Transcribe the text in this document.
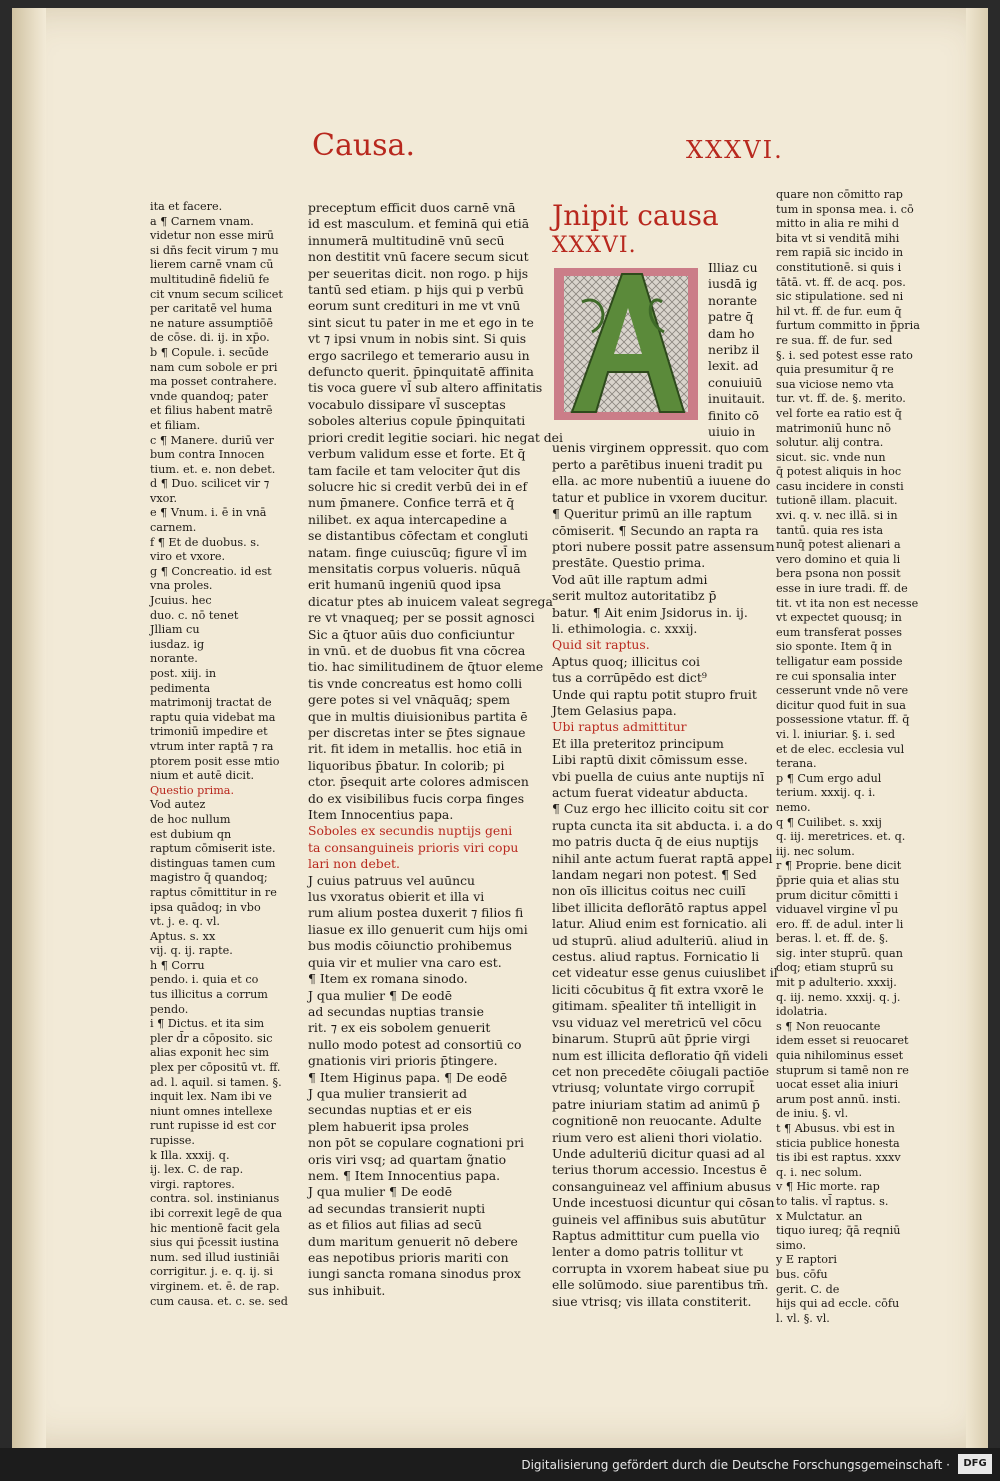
Causa.	XXXVI.

ita et facere.

a ¶ Carnem vnam.

videtur non esse mirū

si dn̄s fecit virum ⁊ mu

lierem carnē vnam cū

multitudinē fideliū fe

cit vnum secum scilicet

per caritatē vel huma

ne nature assumptiōē

de cōse. di. ij. in xp̄o.

b ¶ Copule. i. secūde

nam cum sobole er pri

ma posset contrahere.

vnde quandoq; pater

et filius habent matrē

et filiam.

c ¶ Manere. duriū ver

bum contra Innocen

tium. et. e. non debet.

d ¶ Duo. scilicet vir ⁊

vxor.

e ¶ Vnum. i. ē in vnā

carnem.

f ¶ Et de duobus. s.

viro et vxore.

g ¶ Concreatio. id est

vna proles.

Jcuius. hec

duo. c. nō tenet

Jlliam cu

iusdaz. ig

norante.

post. xiij. in

pedimenta

matrimonij tractat de

raptu quia videbat ma

trimoniū impedire et

vtrum inter raptā ⁊ ra

ptorem posit esse mtio

nium et autē dicit.

Questio prima.

Vod autez

de hoc nullum

est dubium qn

raptum cōmiserit iste.

distinguas tamen cum

magistro q̄ quandoq;

raptus cōmittitur in re

ipsa quādoq; in vbo

vt. j. e. q. vl.

Aptus. s. xx

vij. q. ij. rapte.

h ¶ Corru

pendo. i. quia et co

tus illicitus a corrum

pendo.

i ¶ Dictus. et ita sim

pler d̄r a cōposito. sic

alias exponit hec sim

plex per cōpositū vt. ff.

ad. l. aquil. si tamen. §.

inquit lex. Nam ibi ve

niunt omnes intellexe

runt rupisse id est cor

rupisse.

k Illa. xxxij. q.

ij. lex. C. de rap.

virgi. raptores.

contra. sol. instinianus

ibi correxit legē de qua

hic mentionē facit gela

sius qui p̄cessit iustina

num. sed illud iustiniāi

corrigitur. j. e. q. ij. si

virginem. et. ē. de rap.

cum causa. et. c. se. sed

preceptum efficit duos carnē vnā

id est masculum. et feminā qui etiā

innumerā multitudinē vnū secū

non destitit vnū facere secum sicut

per seueritas dicit. non rogo. p hijs

tantū sed etiam. p hijs qui p verbū

eorum sunt credituri in me vt vnū

sint sicut tu pater in me et ego in te

vt ⁊ ipsi vnum in nobis sint. Si quis

ergo sacrilego et temerario ausu in

defuncto querit. p̄pinquitatē affinita

tis voca guere vl̄ sub altero affinitatis

vocabulo dissipare vl̄ susceptas

soboles alterius copule p̄pinquitati

priori credit legitie sociari. hic negat dei

verbum validum esse et forte. Et q̄

tam facile et tam velociter q̄ut dis

solucre hic si credit verbū dei in ef

num p̄manere. Confice terrā et q̄

nilibet. ex aqua intercapedine a

se distantibus cōfectam et congluti

natam. finge cuiuscūq; figure vl̄ im

mensitatis corpus volueris. nūquā

erit humanū ingeniū quod ipsa

dicatur ptes ab inuicem valeat segrega

re vt vnaqueq; per se possit agnosci

Sic a q̄tuor aūis duo conficiuntur

in vnū. et de duobus fit vna cōcrea

tio. hac similitudinem de q̄tuor eleme

tis vnde concreatus est homo colli

gere potes si vel vnāquāq; spem

que in multis diuisionibus partita ē

per discretas inter se p̄tes signaue

rit. fit idem in metallis. hoc etiā in

liquoribus p̄batur. In colorib; pi

ctor. p̄sequit arte colores admiscen

do ex visibilibus fucis corpa finges

Item Innocentius papa.

Soboles ex secundis nuptijs geni

ta consanguineis prioris viri copu

lari non debet.

J cuius patruus vel auūncu

lus vxoratus obierit et illa vi

rum alium postea duxerit ⁊ filios fi

liasue ex illo genuerit cum hijs omi

bus modis cōiunctio prohibemus

quia vir et mulier vna caro est.

¶ Item ex romana sinodo.

J qua mulier ¶ De eodē

ad secundas nuptias transie

rit. ⁊ ex eis sobolem genuerit

nullo modo potest ad consortiū co

gnationis viri prioris p̄tingere.

¶ Item Higinus papa. ¶ De eodē

J qua mulier transierit ad

secundas nuptias et er eis

plem habuerit ipsa proles

non pōt se copulare cognationi pri

oris viri vsq; ad quartam g̃natio

nem. ¶ Item Innocentius papa.

J qua mulier ¶ De eodē

ad secundas transierit nupti

as et filios aut filias ad secū

dum maritum genuerit nō debere

eas nepotibus prioris mariti con

iungi sancta romana sinodus prox

sus inhibuit.

Jnipit causa

XXXVI.

Illiaz cu

iusdā ig

norante

patre q̄

dam ho

neribz il

lexit. ad

conuiuiū

inuitauit.

finito cō

uiuio in

uenis virginem oppressit. quo com

perto a parētibus inueni tradit pu

ella. ac more nubentiū a iuuene do

tatur et publice in vxorem ducitur.

¶ Queritur primū an ille raptum

cōmiserit. ¶ Secundo an rapta ra

ptori nubere possit patre assensum

prestāte. Questio prima.

Vod aūt ille raptum admi

serit multoz autoritatibz p̄

batur. ¶ Ait enim Jsidorus in. ij.

li. ethimologia. c. xxxij.

Quid sit raptus.

Aptus quoq; illicitus coi

tus a corrūpēdo est dict⁹

Unde qui raptu potit stupro fruit

Jtem Gelasius papa.

Ubi raptus admittitur

Et illa preteritoz principum

Libi raptū dixit cōmissum esse.

vbi puella de cuius ante nuptijs nī

actum fuerat videatur abducta.

¶ Cuz ergo hec illicito coitu sit cor

rupta cuncta ita sit abducta. i. a do

mo patris ducta q̄ de eius nuptijs

nihil ante actum fuerat raptā appel

landam negari non potest. ¶ Sed

non oīs illicitus coitus nec cuilī

libet illicita deflorātō raptus appel

latur. Aliud enim est fornicatio. ali

ud stuprū. aliud adulteriū. aliud in

cestus. aliud raptus. Fornicatio li

cet videatur esse genus cuiuslibet il

liciti cōcubitus q̄ fit extra vxorē le

gitimam. sp̄ealiter tñ intelligit in

vsu viduaz vel meretricū vel cōcu

binarum. Stuprū aūt p̄prie virgi

num est illicita defloratio q̄ñ videli

cet non precedēte cōiugali pactiōe

vtriusq; voluntate virgo corrupit̄

patre iniuriam statim ad animū p̄

cognitionē non reuocante. Adulte

rium vero est alieni thori violatio.

Unde adulteriū dicitur quasi ad al

terius thorum accessio. Incestus ē

consanguineaz vel affinium abusus

Unde incestuosi dicuntur qui cōsan

guineis vel affinibus suis abutūtur

Raptus admittitur cum puella vio

lenter a domo patris tollitur vt

corrupta in vxorem habeat siue pu

elle solūmodo. siue parentibus tm̄.

siue vtrisq; vis illata constiterit.

quare non cōmitto rap

tum in sponsa mea. i. cō

mitto in alia re mihi d

bita vt si venditā mihi

rem rapiā sic incido in

constitutionē. si quis i

tātā. vt. ff. de acq. pos.

sic stipulatione. sed ni

hil vt. ff. de fur. eum q̄

furtum committo in p̄pria

re sua. ff. de fur. sed

§. i. sed potest esse rato

quia presumitur q̄ re

sua viciose nemo vta

tur. vt. ff. de. §. merito.

vel forte ea ratio est q̄

matrimoniū hunc nō

solutur. alij contra.

sicut. sic. vnde nun

q̄ potest aliquis in hoc

casu incidere in consti

tutionē illam. placuit.

xvi. q. v. nec illā. si in

tantū. quia res ista

nunq̄ potest alienari a

vero domino et quia li

bera psona non possit

esse in iure tradi. ff. de

tit. vt ita non est necesse

vt expectet quousq; in

eum transferat posses

sio sponte. Item q̄ in

telligatur eam posside

re cui sponsalia inter

cesserunt vnde nō vere

dicitur quod fuit in sua

possessione vtatur. ff. q̄

vi. l. iniuriar. §. i. sed

et de elec. ecclesia vul

terana.

p ¶ Cum ergo adul

terium. xxxij. q. i.

nemo.

q ¶ Cuilibet. s. xxij

q. iij. meretrices. et. q.

iij. nec solum.

r ¶ Proprie. bene dicit

p̄prie quia et alias stu

prum dicitur cōmitti i

viduavel virgine vl̄ pu

ero. ff. de adul. inter li

beras. l. et. ff. de. §.

sig. inter stuprū. quan

doq; etiam stuprū su

mit p adulterio. xxxij.

q. iij. nemo. xxxij. q. j.

idolatria.

s ¶ Non reuocante

idem esset si reuocaret

quia nihilominus esset

stuprum si tamē non re

uocat esset alia iniuri

arum post annū. insti.

de iniu. §. vl.

t ¶ Abusus. vbi est in

sticia publice honesta

tis ibi est raptus. xxxv

q. i. nec solum.

v ¶ Hic morte. rap

to talis. vl̄ raptus. s.

x Mulctatur. an

tiquo iureq; q̄ā reqniū

simo.

y E raptori

bus. cōfu

gerit. C. de

hijs qui ad eccle. cōfu

l. vl. §. vl.

Digitalisierung gefördert durch die Deutsche Forschungsgemeinschaft ·	DFG
